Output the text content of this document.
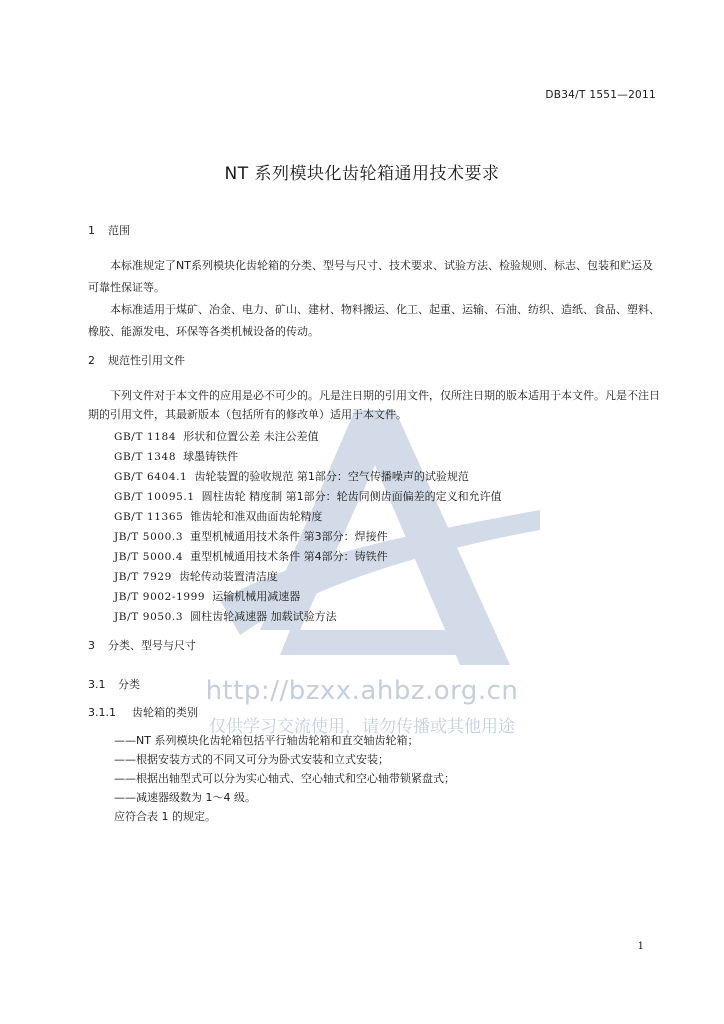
DB34/T 1551—2011
NT 系列模块化齿轮箱通用技术要求
1 范围

本标准规定了NT系列模块化齿轮箱的分类、型号与尺寸、技术要求、试验方法、检验规则、标志、包装和贮运及可靠性保证等。

本标准适用于煤矿、冶金、电力、矿山、建材、物料搬运、化工、起重、运输、石油、纺织、造纸、食品、塑料、橡胶、能源发电、环保等各类机械设备的传动。

2 规范性引用文件

下列文件对于本文件的应用是必不可少的。凡是注日期的引用文件，仅所注日期的版本适用于本文件。凡是不注日期的引用文件，其最新版本（包括所有的修改单）适用于本文件。

GB/T 1184 形状和位置公差 未注公差值
GB/T 1348 球墨铸铁件
GB/T 6404.1 齿轮装置的验收规范 第1部分：空气传播噪声的试验规范
GB/T 10095.1 圆柱齿轮 精度制 第1部分：轮齿同侧齿面偏差的定义和允许值
GB/T 11365 锥齿轮和准双曲面齿轮精度
JB/T 5000.3 重型机械通用技术条件 第3部分：焊接件
JB/T 5000.4 重型机械通用技术条件 第4部分：铸铁件
JB/T 7929 齿轮传动装置清洁度
JB/T 9002-1999 运输机械用减速器
JB/T 9050.3 圆柱齿轮减速器 加载试验方法
3 分类、型号与尺寸
3.1 分类
3.1.1 齿轮箱的类别
——NT 系列模块化齿轮箱包括平行轴齿轮箱和直交轴齿轮箱；
——根据安装方式的不同又可分为卧式安装和立式安装；
——根据出轴型式可以分为实心轴式、空心轴式和空心轴带锁紧盘式；
——减速器级数为 1～4 级。
应符合表 1 的规定。
http://bzxx.ahbz.org.cn
仅供学习交流使用，请勿传播或其他用途
1
